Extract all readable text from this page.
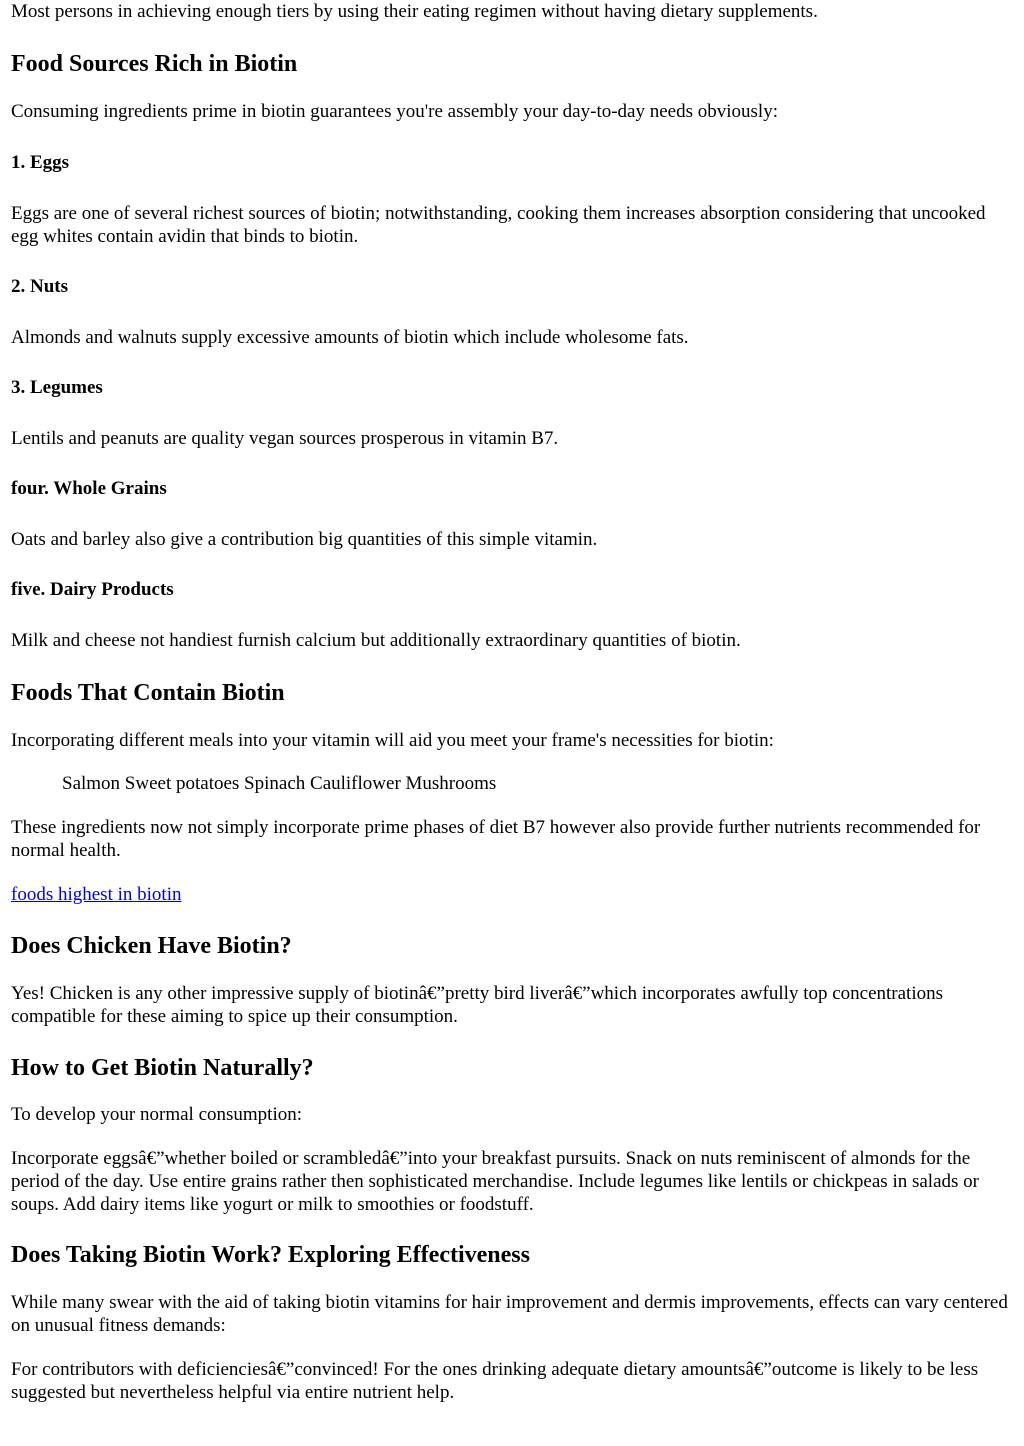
Most persons in achieving enough tiers by using their eating regimen without having dietary supplements.

Food Sources Rich in Biotin

Consuming ingredients prime in biotin guarantees you're assembly your day-to-day needs obviously:

1. Eggs

Eggs are one of several richest sources of biotin; notwithstanding, cooking them increases absorption considering that uncooked egg whites contain avidin that binds to biotin.

2. Nuts

Almonds and walnuts supply excessive amounts of biotin which include wholesome fats.

3. Legumes

Lentils and peanuts are quality vegan sources prosperous in vitamin B7.

four. Whole Grains

Oats and barley also give a contribution big quantities of this simple vitamin.

five. Dairy Products

Milk and cheese not handiest furnish calcium but additionally extraordinary quantities of biotin.

Foods That Contain Biotin

Incorporating different meals into your vitamin will aid you meet your frame's necessities for biotin:

Salmon Sweet potatoes Spinach Cauliflower Mushrooms

These ingredients now not simply incorporate prime phases of diet B7 however also provide further nutrients recommended for normal health.

foods highest in biotin

Does Chicken Have Biotin?

Yes! Chicken is any other impressive supply of biotinâ€”pretty bird liverâ€”which incorporates awfully top concentrations compatible for these aiming to spice up their consumption.

How to Get Biotin Naturally?

To develop your normal consumption:

Incorporate eggsâ€”whether boiled or scrambledâ€”into your breakfast pursuits. Snack on nuts reminiscent of almonds for the period of the day. Use entire grains rather then sophisticated merchandise. Include legumes like lentils or chickpeas in salads or soups. Add dairy items like yogurt or milk to smoothies or foodstuff.

Does Taking Biotin Work? Exploring Effectiveness

While many swear with the aid of taking biotin vitamins for hair improvement and dermis improvements, effects can vary centered on unusual fitness demands:

For contributors with deficienciesâ€”convinced! For the ones drinking adequate dietary amountsâ€”outcome is likely to be less suggested but nevertheless helpful via entire nutrient help.
